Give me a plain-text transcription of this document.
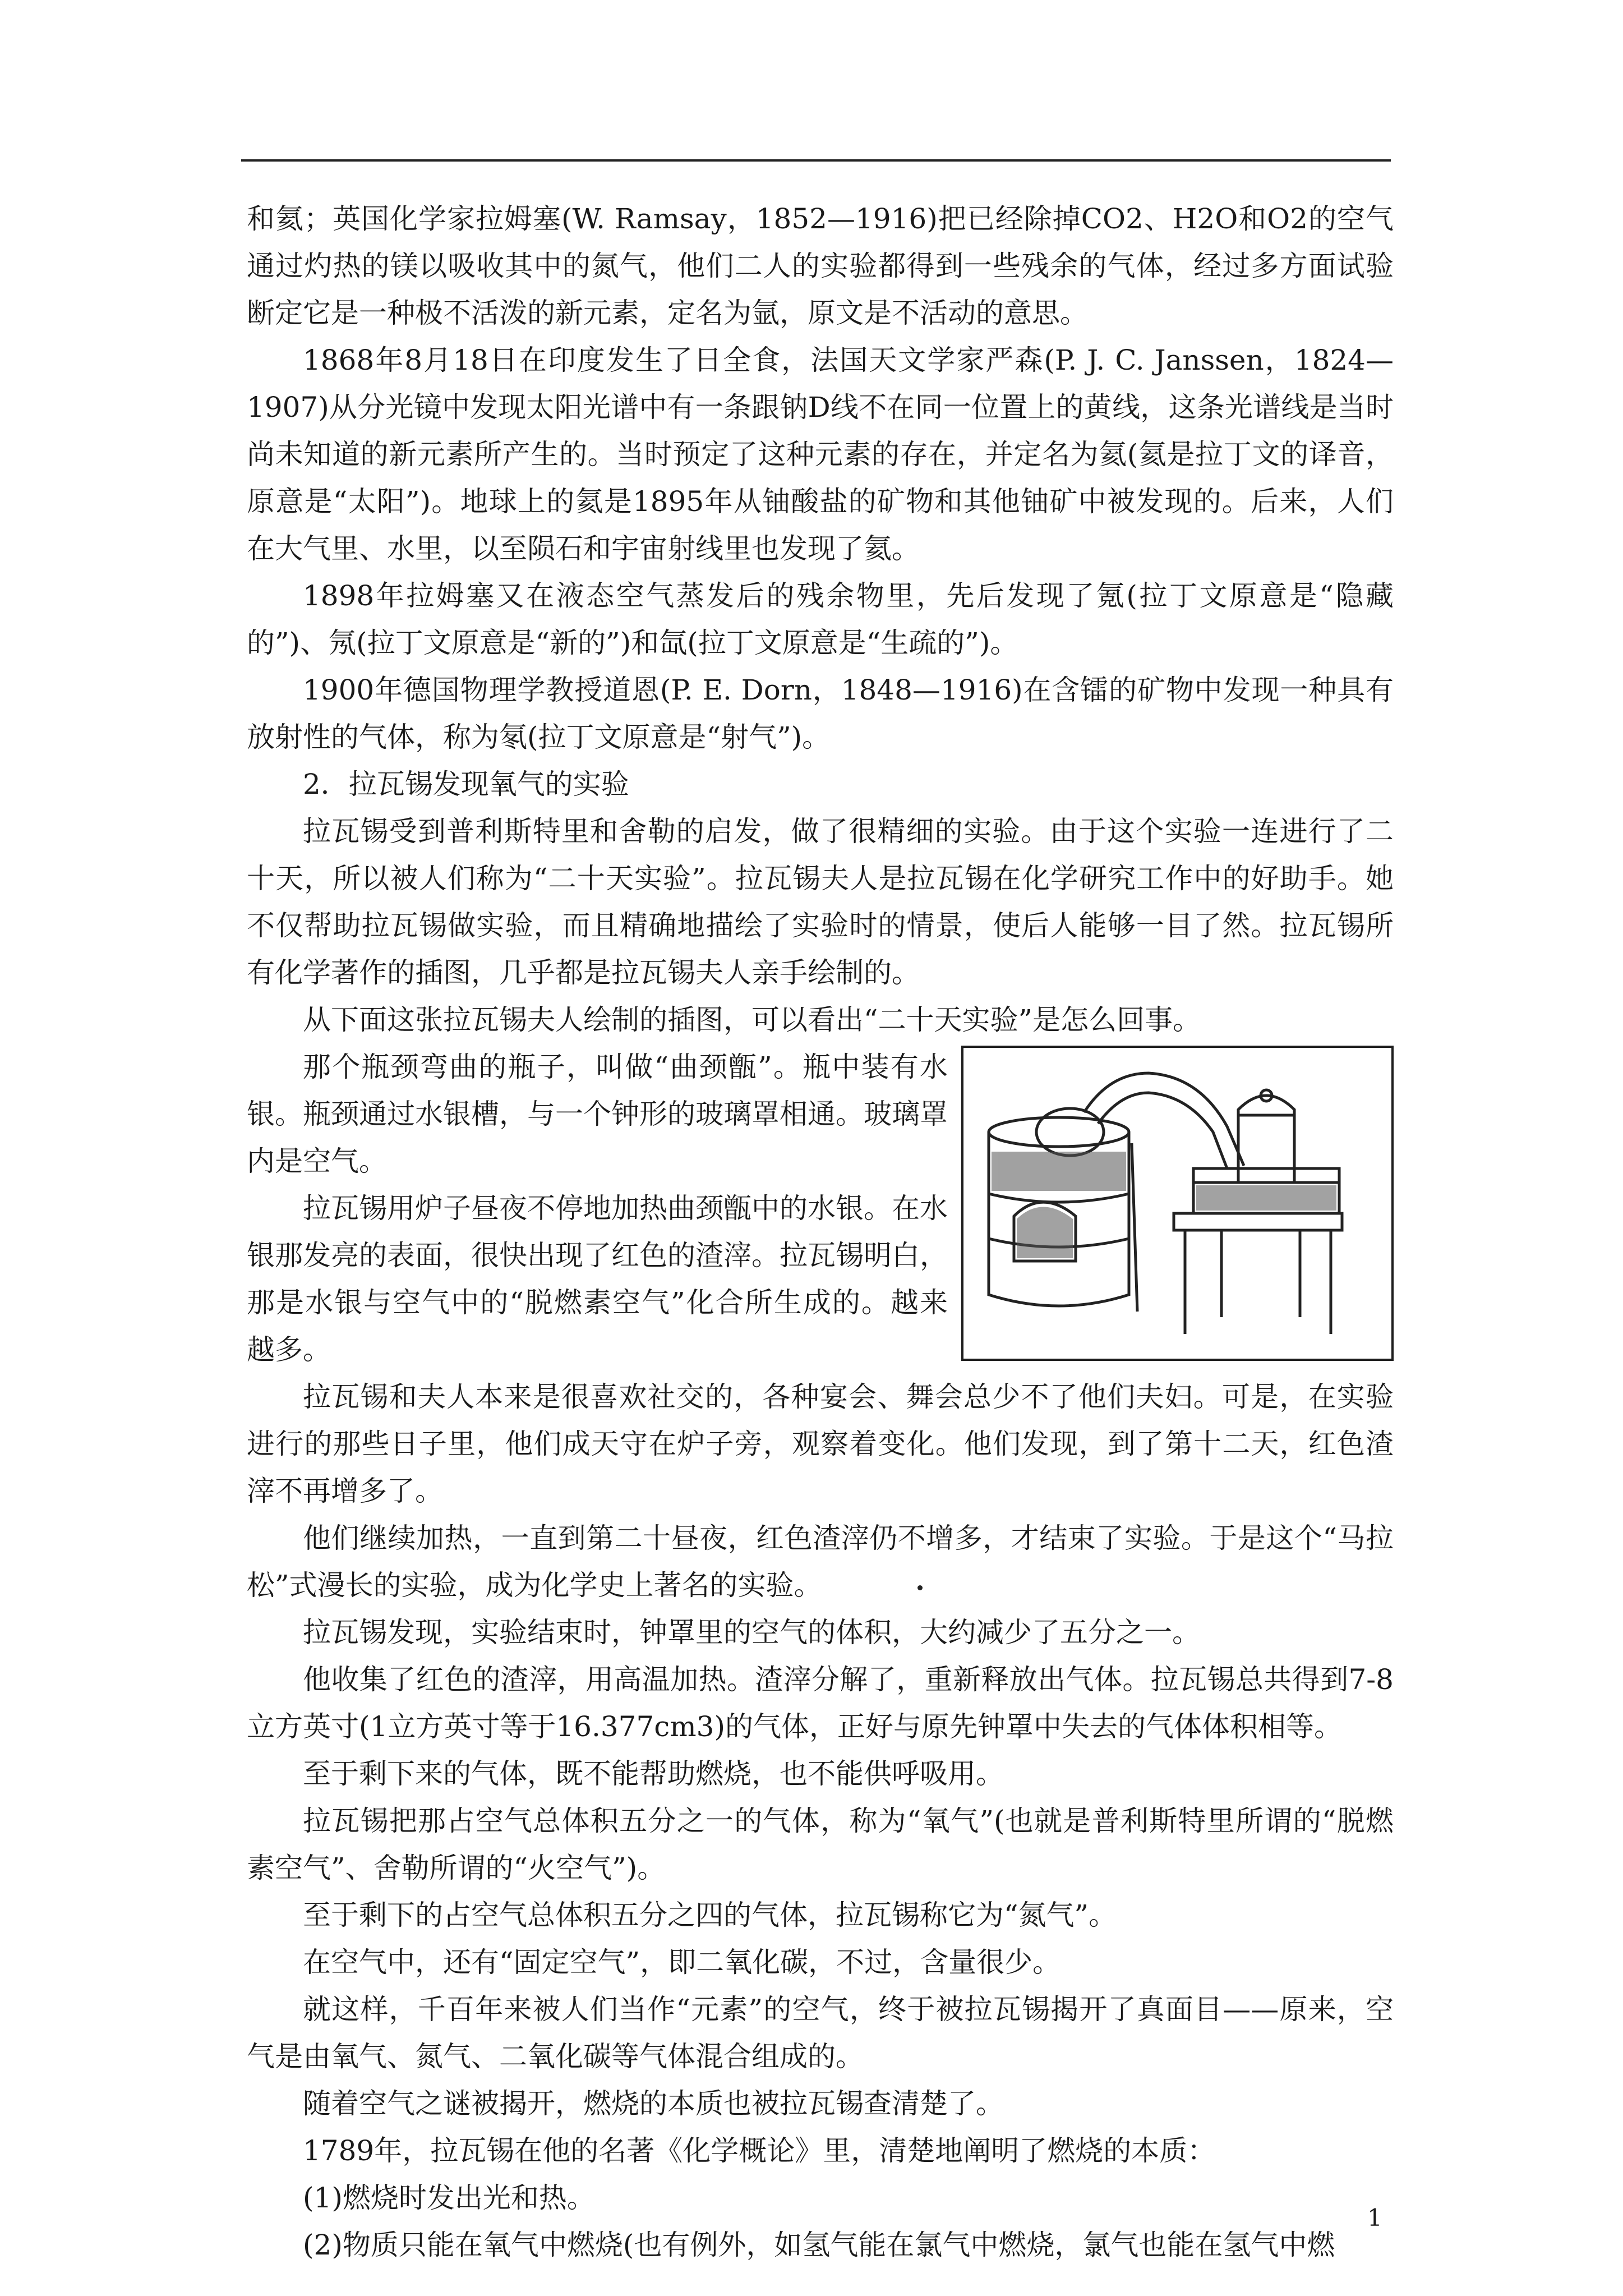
和氦；英国化学家拉姆塞(W. Ramsay，1852—1916)把已经除掉CO2、H2O和O2的空气通过灼热的镁以吸收其中的氮气，他们二人的实验都得到一些残余的气体，经过多方面试验断定它是一种极不活泼的新元素，定名为氩，原文是不活动的意思。

1868年8月18日在印度发生了日全食，法国天文学家严森(P. J. C. Janssen，1824—1907)从分光镜中发现太阳光谱中有一条跟钠D线不在同一位置上的黄线，这条光谱线是当时尚未知道的新元素所产生的。当时预定了这种元素的存在，并定名为氦(氦是拉丁文的译音，原意是“太阳”)。地球上的氦是1895年从铀酸盐的矿物和其他铀矿中被发现的。后来，人们在大气里、水里，以至陨石和宇宙射线里也发现了氦。

1898年拉姆塞又在液态空气蒸发后的残余物里，先后发现了氪(拉丁文原意是“隐藏的”)、氖(拉丁文原意是“新的”)和氙(拉丁文原意是“生疏的”)。

1900年德国物理学教授道恩(P. E. Dorn，1848—1916)在含镭的矿物中发现一种具有放射性的气体，称为氡(拉丁文原意是“射气”)。

2．拉瓦锡发现氧气的实验

拉瓦锡受到普利斯特里和舍勒的启发，做了很精细的实验。由于这个实验一连进行了二十天，所以被人们称为“二十天实验”。拉瓦锡夫人是拉瓦锡在化学研究工作中的好助手。她不仅帮助拉瓦锡做实验，而且精确地描绘了实验时的情景，使后人能够一目了然。拉瓦锡所有化学著作的插图，几乎都是拉瓦锡夫人亲手绘制的。

从下面这张拉瓦锡夫人绘制的插图，可以看出“二十天实验”是怎么回事。

那个瓶颈弯曲的瓶子，叫做“曲颈甑”。瓶中装有水银。瓶颈通过水银槽，与一个钟形的玻璃罩相通。玻璃罩内是空气。

拉瓦锡用炉子昼夜不停地加热曲颈甑中的水银。在水银那发亮的表面，很快出现了红色的渣滓。拉瓦锡明白，那是水银与空气中的“脱燃素空气”化合所生成的。越来越多。

拉瓦锡和夫人本来是很喜欢社交的，各种宴会、舞会总少不了他们夫妇。可是，在实验进行的那些日子里，他们成天守在炉子旁，观察着变化。他们发现，到了第十二天，红色渣滓不再增多了。

他们继续加热，一直到第二十昼夜，红色渣滓仍不增多，才结束了实验。于是这个“马拉松”式漫长的实验，成为化学史上著名的实验。

拉瓦锡发现，实验结束时，钟罩里的空气的体积，大约减少了五分之一。

他收集了红色的渣滓，用高温加热。渣滓分解了，重新释放出气体。拉瓦锡总共得到7-8立方英寸(1立方英寸等于16.377cm3)的气体，正好与原先钟罩中失去的气体体积相等。

至于剩下来的气体，既不能帮助燃烧，也不能供呼吸用。

拉瓦锡把那占空气总体积五分之一的气体，称为“氧气”(也就是普利斯特里所谓的“脱燃素空气”、舍勒所谓的“火空气”)。

至于剩下的占空气总体积五分之四的气体，拉瓦锡称它为“氮气”。

在空气中，还有“固定空气”，即二氧化碳，不过，含量很少。

就这样，千百年来被人们当作“元素”的空气，终于被拉瓦锡揭开了真面目——原来，空气是由氧气、氮气、二氧化碳等气体混合组成的。

随着空气之谜被揭开，燃烧的本质也被拉瓦锡查清楚了。

1789年，拉瓦锡在他的名著《化学概论》里，清楚地阐明了燃烧的本质：

(1)燃烧时发出光和热。

(2)物质只能在氧气中燃烧(也有例外，如氢气能在氯气中燃烧，氯气也能在氢气中燃

1
